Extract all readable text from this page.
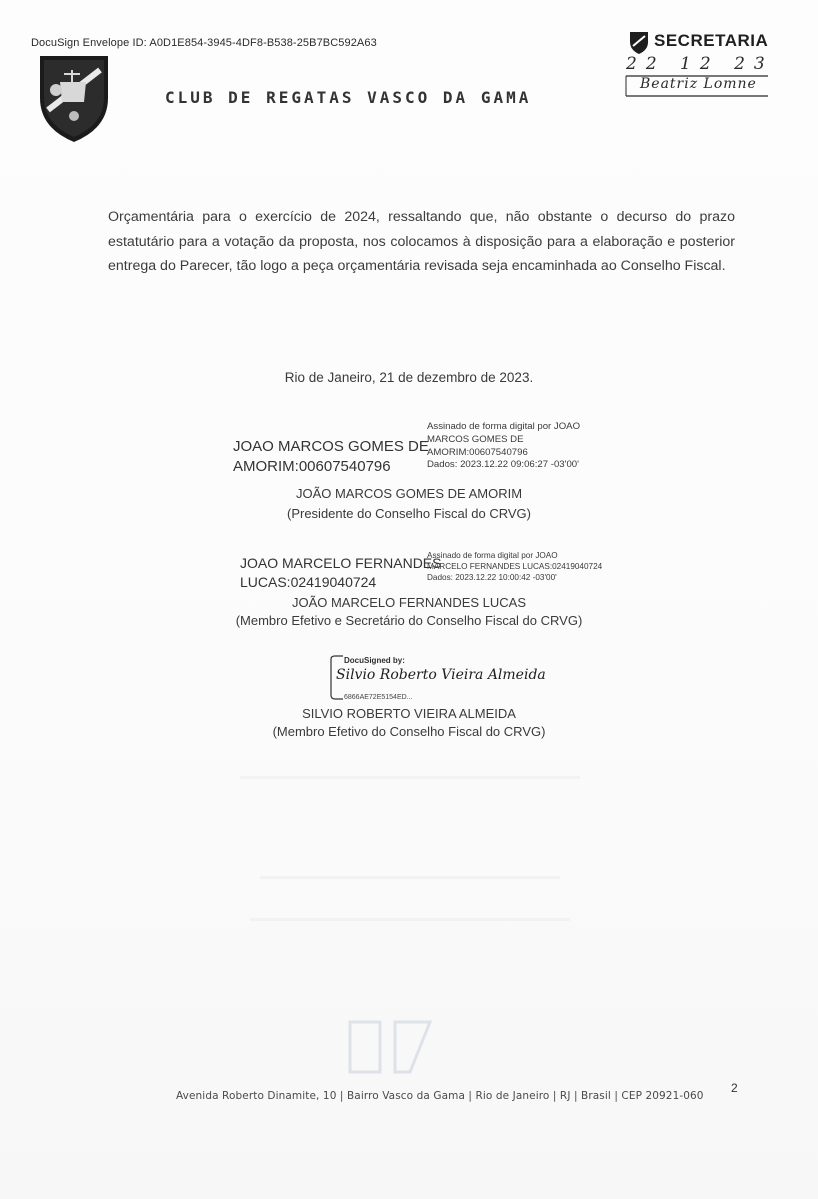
DocuSign Envelope ID: A0D1E854-3945-4DF8-B538-25B7BC592A63
CLUB DE REGATAS VASCO DA GAMA
SECRETARIA
22 12 23
Beatriz Lomne
Orçamentária para o exercício de 2024, ressaltando que, não obstante o decurso do prazo estatutário para a votação da proposta, nos colocamos à disposição para a elaboração e posterior entrega do Parecer, tão logo a peça orçamentária revisada seja encaminhada ao Conselho Fiscal.
Rio de Janeiro, 21 de dezembro de 2023.
JOAO MARCOS GOMES DE
AMORIM:00607540796
Assinado de forma digital por JOAO
MARCOS GOMES DE
AMORIM:00607540796
Dados: 2023.12.22 09:06:27 -03'00'
JOÃO MARCOS GOMES DE AMORIM
(Presidente do Conselho Fiscal do CRVG)
JOAO MARCELO FERNANDES
LUCAS:02419040724
Assinado de forma digital por JOAO
MARCELO FERNANDES LUCAS:02419040724
Dados: 2023.12.22 10:00:42 -03'00'
JOÃO MARCELO FERNANDES LUCAS
(Membro Efetivo e Secretário do Conselho Fiscal do CRVG)
DocuSigned by:
Silvio Roberto Vieira Almeida
6866AE72E5154ED...
SILVIO ROBERTO VIEIRA ALMEIDA
(Membro Efetivo do Conselho Fiscal do CRVG)
2
Avenida Roberto Dinamite, 10 | Bairro Vasco da Gama | Rio de Janeiro | RJ | Brasil | CEP 20921-060
